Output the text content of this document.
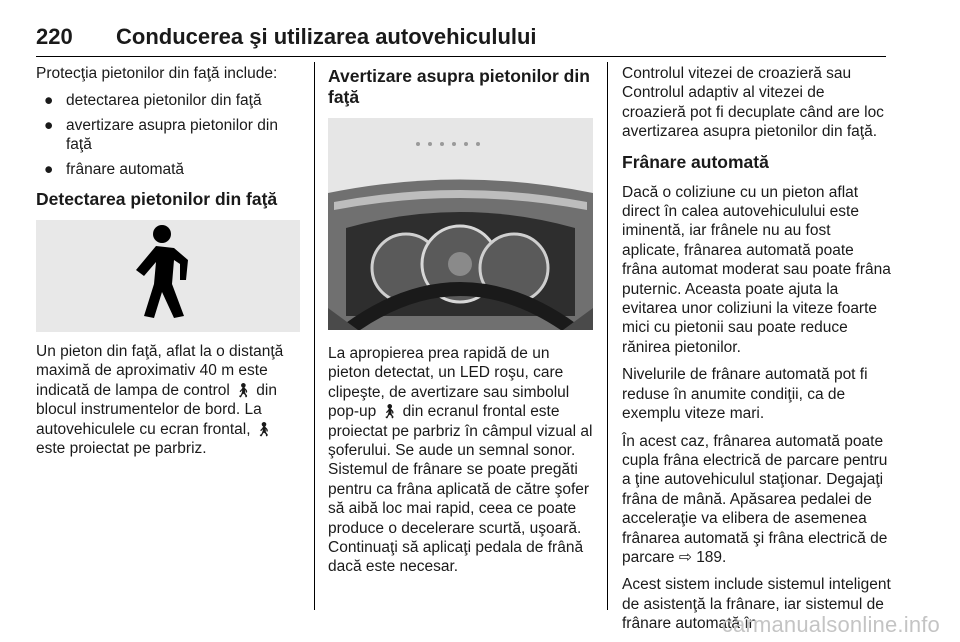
220 Conducerea şi utilizarea autovehiculului

Protecţia pietonilor din faţă include:

● detectarea pietonilor din faţă
● avertizare asupra pietonilor din faţă
● frânare automată
Detectarea pietonilor din faţă

Un pieton din faţă, aflat la o distanţă maximă de aproximativ 40 m este indicată de lampa de control 🚶︎ din blocul instrumentelor de bord. La autovehiculele cu ecran frontal, 🚶︎ este proiectat pe parbriz.

Avertizare asupra pietonilor din faţă

La apropierea prea rapidă de un pieton detectat, un LED roşu, care clipeşte, de avertizare sau simbolul pop-up 🚶︎ din ecranul frontal este proiectat pe parbriz în câmpul vizual al şoferului. Se aude un semnal sonor. Sistemul de frânare se poate pregăti pentru ca frâna aplicată de către şofer să aibă loc mai rapid, ceea ce poate produce o decelerare scurtă, uşoară. Continuaţi să aplicaţi pedala de frână dacă este necesar.

Controlul vitezei de croazieră sau Controlul adaptiv al vitezei de croazieră pot fi decuplate când are loc avertizarea asupra pietonilor din faţă.

Frânare automată

Dacă o coliziune cu un pieton aflat direct în calea autovehiculului este iminentă, iar frânele nu au fost aplicate, frânarea automată poate frâna automat moderat sau poate frâna puternic. Aceasta poate ajuta la evitarea unor coliziuni la viteze foarte mici cu pietonii sau poate reduce rănirea pietonilor.

Nivelurile de frânare automată pot fi reduse în anumite condiţii, ca de exemplu viteze mari.

În acest caz, frânarea automată poate cupla frâna electrică de parcare pentru a ţine autovehiculul staţionar. Degajaţi frâna de mână. Apăsarea pedalei de acceleraţie va elibera de asemenea frânarea automată şi frâna electrică de parcare ⇨ 189.

Acest sistem include sistemul inteligent de asistenţă la frânare, iar sistemul de frânare automată în

carmanualsonline.info
